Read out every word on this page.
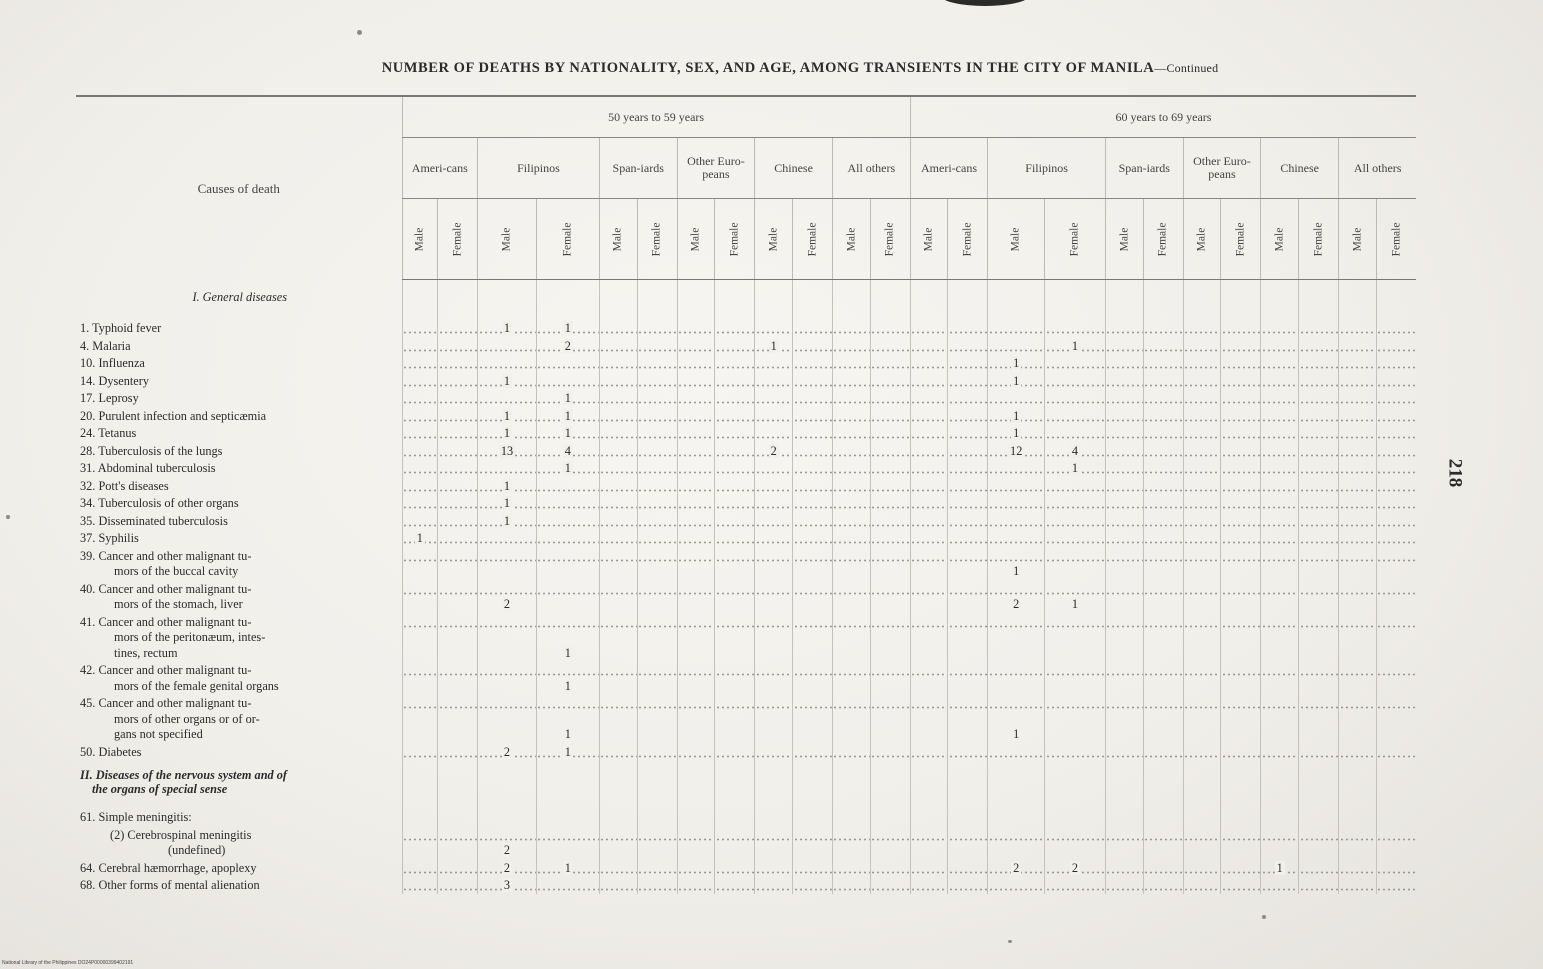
NUMBER OF DEATHS BY NATIONALITY, SEX, AND AGE, AMONG TRANSIENTS IN THE CITY OF MANILA—Continued
218
National Library of the Philippines DO24P00000399402191
Causes of death	50 years to 59 years												60 years to 69 years											
	Ameri-cans		Filipinos		Span-iards		Other Euro-peans		Chinese		All others		Ameri-cans		Filipinos		Span-iards		Other Euro-peans		Chinese		All others	
	Male	Female	Male	Female	Male	Female	Male	Female	Male	Female	Male	Female	Male	Female	Male	Female	Male	Female	Male	Female	Male	Female	Male	Female
I. General diseases																								

1. Typhoid fever			1	1																				

4. Malaria				2					1							1								

10. Influenza															1									

14. Dysentery			1												1									

17. Leprosy				1																				

20. Purulent infection and septicæmia			1	1											1									

24. Tetanus			1	1											1									

28. Tuberculosis of the lungs			13	4					2						12	4								

31. Abdominal tuberculosis				1												1								

32. Pott's diseases			1																					

34. Tuberculosis of other organs			1																					

35. Disseminated tuberculosis			1																					

37. Syphilis	1																							

39. Cancer and other malignant tu-
mors of the buccal cavity															1									

40. Cancer and other malignant tu-
mors of the stomach, liver			2												2	1								

41. Cancer and other malignant tu-
mors of the peritonæum, intes-
tines, rectum				1																				

42. Cancer and other malignant tu-
mors of the female genital organs				1																				

45. Cancer and other malignant tu-
mors of other organs or of or-
gans not specified				1											1									

50. Diabetes			2	1																				
II. Diseases of the nervous system and of
the organs of special sense																								

61. Simple meningitis:																								

(2) Cerebrospinal meningitis
(undefined)			2																					

64. Cerebral hæmorrhage, apoplexy			2	1											2	2					1			

68. Other forms of mental alienation			3																					
